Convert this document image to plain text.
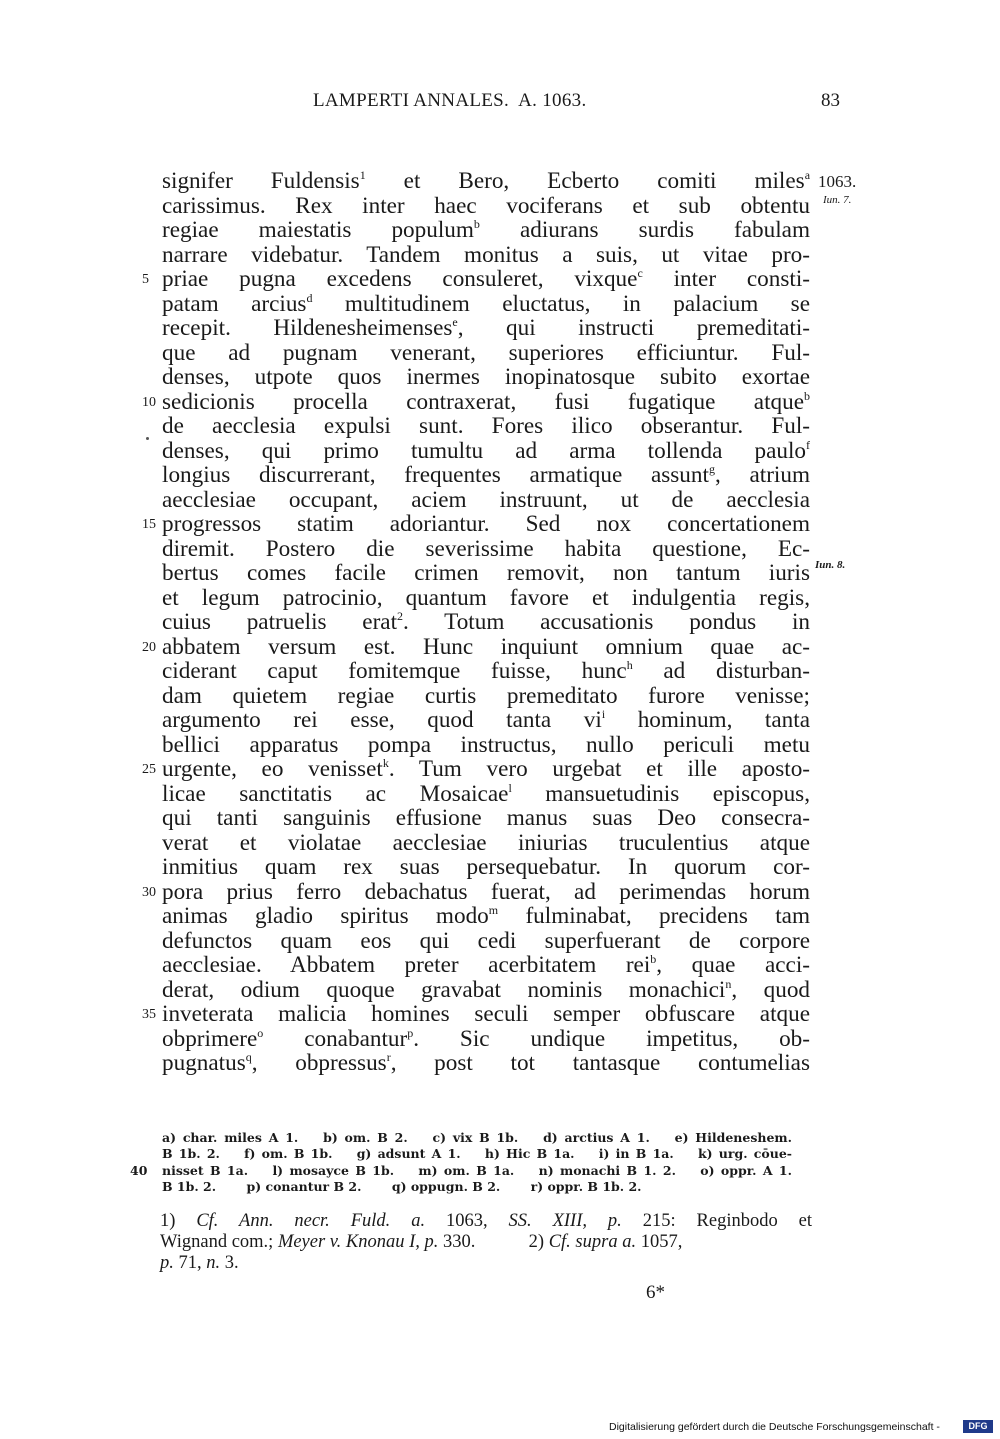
LAMPERTI ANNALES.  A. 1063.	83
1063.
Iun. 7.
Iun. 8.
signifer Fuldensis$^1$ et Bero, Ecberto comiti miles$^a$
carissimus. Rex inter haec vociferans et sub obtentu
regiae maiestatis populum$^b$ adiurans surdis fabulam
narrare videbatur. Tandem monitus a suis, ut vitae pro-
5 priae pugna excedens consuleret, vixque$^c$ inter consti-
patam arcius$^d$ multitudinem eluctatus, in palacium se
recepit. Hildenesheimenses$^e$, qui instructi premeditati-
que ad pugnam venerant, superiores efficiuntur. Ful-
denses, utpote quos inermes inopinatosque subito exortae
10 sedicionis procella contraxerat, fusi fugatique atque$^b$
de aecclesia expulsi sunt. Fores ilico obserantur. Ful-
denses, qui primo tumultu ad arma tollenda paulo$^f$
longius discurrerant, frequentes armatique assunt$^g$, atrium
aecclesiae occupant, aciem instruunt, ut de aecclesia
15 progressos statim adoriantur. Sed nox concertationem
diremit. Postero die severissime habita questione, Ec-
bertus comes facile crimen removit, non tantum iuris
et legum patrocinio, quantum favore et indulgentia regis,
cuius patruelis erat$^2$. Totum accusationis pondus in
20 abbatem versum est. Hunc inquiunt omnium quae ac-
ciderant caput fomitemque fuisse, hunc$^h$ ad disturban-
dam quietem regiae curtis premeditato furore venisse;
argumento rei esse, quod tanta $vi^i$ hominum, tanta
bellici apparatus pompa instructus, nullo periculi metu
25 urgente, eo venisset$^k$. Tum vero urgebat et ille aposto-
licae sanctitatis ac Mosaicae$^l$ mansuetudinis episcopus,
qui tanti sanguinis effusione manus suas Deo consecra-
verat et violatae aecclesiae iniurias truculentius atque
inmitius quam rex suas persequebatur. In quorum cor-
30 pora prius ferro debachatus fuerat, ad perimendas horum
animas gladio spiritus modo$^m$ fulminabat, precidens tam
defunctos quam eos qui cedi superfuerant de corpore
aecclesiae. Abbatem preter acerbitatem rei$^b$, quae acci-
derat, odium quoque gravabat nominis monachici$^n$, quod
35 inveterata malicia homines seculi semper obfuscare atque
obprimere$^o$ conabantur$^p$. Sic undique impetitus, ob-
pugnatus$^q$, obpressus$^r$, post tot tantasque contumelias
a) char. miles A 1. b) om. B 2. c) vix B 1b. d) arctius A 1. e) Hildeneshem.
B 1b. 2. f) om. B 1b. g) adsunt A 1. h) Hic B 1a. i) in B 1a. k) urg. cōue-
40 nisset B 1a. l) mosayce B 1b. m) om. B 1a. n) monachi B 1. 2. o) oppr. A 1.
B 1b. 2. p) conantur B 2. q) oppugn. B 2. r) oppr. B 1b. 2.
1) Cf. Ann. necr. Fuld. a. 1063, SS. XIII, p. 215: Reginbodo et
Wignand com.; Meyer v. Knonau I, p. 330.	2) Cf. supra a. 1057,
p. 71, n. 3.
6*
Digitalisierung gefördert durch die Deutsche Forschungsgemeinschaft -	DFG
